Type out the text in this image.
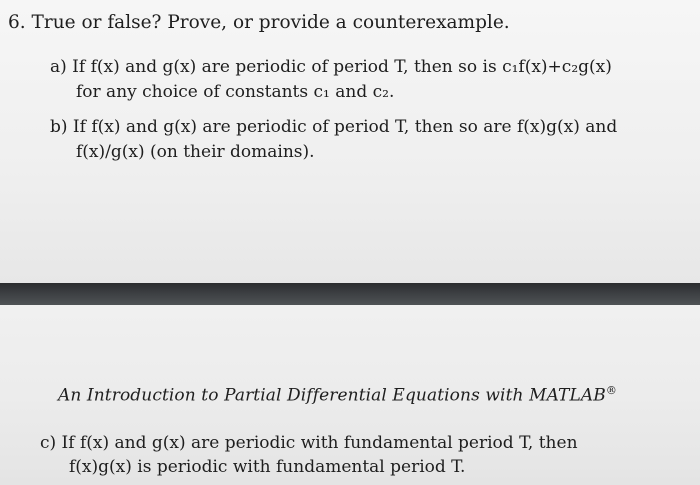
6. True or false? Prove, or provide a counterexample.
a) If f(x) and g(x) are periodic of period T, then so is c₁f(x)+c₂g(x)
for any choice of constants c₁ and c₂.
b) If f(x) and g(x) are periodic of period T, then so are f(x)g(x) and
f(x)/g(x) (on their domains).
An Introduction to Partial Differential Equations with MATLAB®
c) If f(x) and g(x) are periodic with fundamental period T, then
f(x)g(x) is periodic with fundamental period T.
